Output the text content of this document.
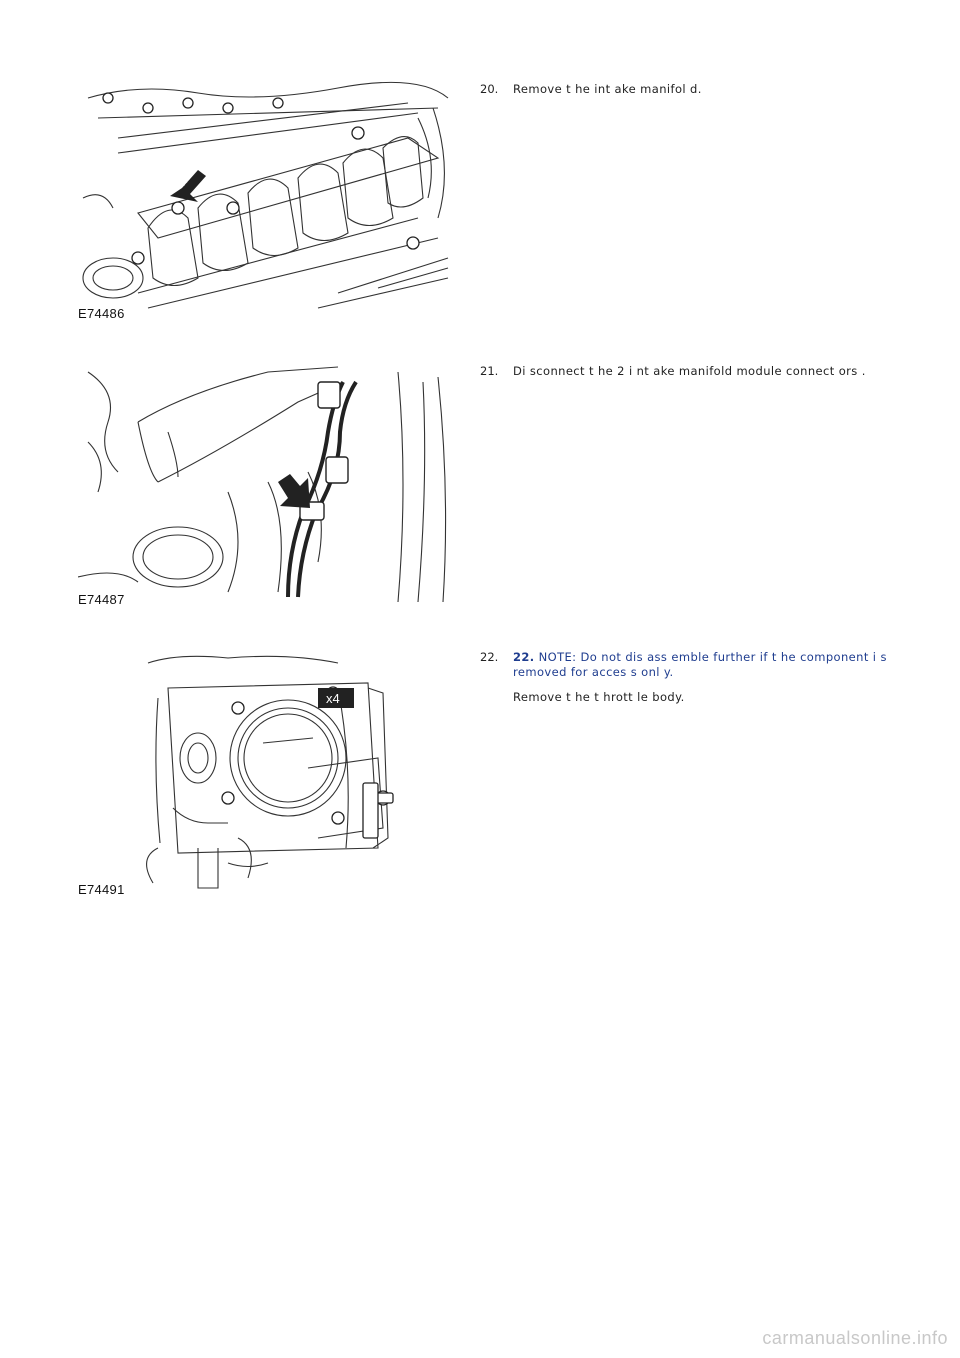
x7
E74486
20. Remove t he int ake manifol d.
E74487
21. Di sconnect t he 2 i nt ake manifold module connect ors .
x4
E74491
22. 22. NOTE: Do not dis ass emble further if t he component i s removed for acces s onl y.
Remove t he t hrott le body.
carmanualsonline.info
